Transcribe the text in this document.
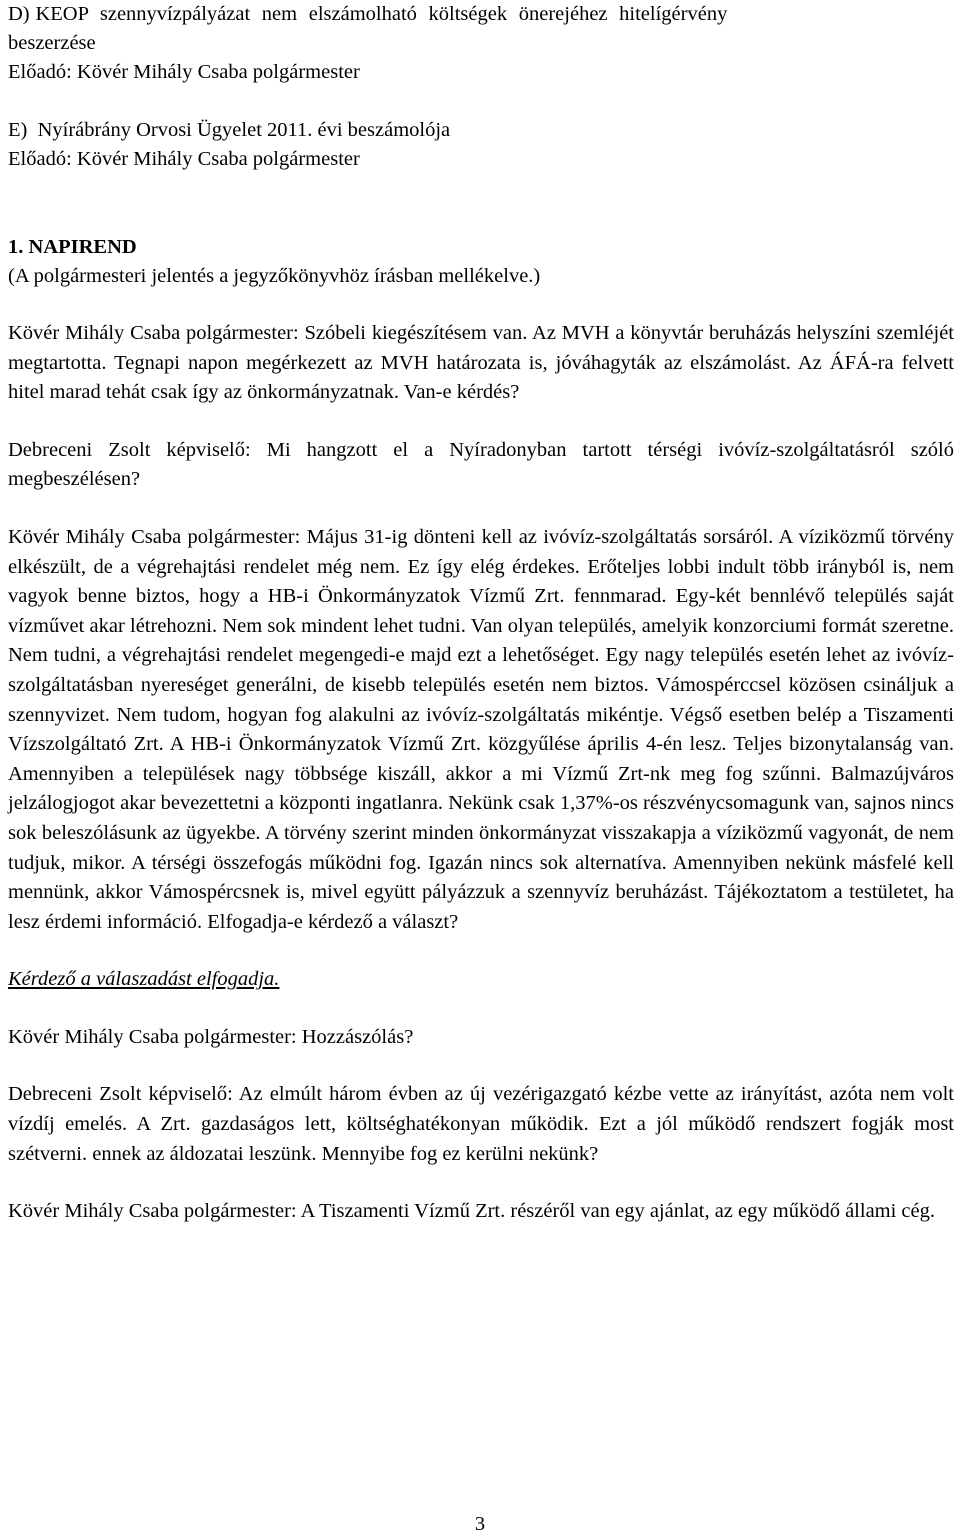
D) KEOP  szennyvízpályázat  nem  elszámolható  költségek  önerejéhez  hitelígérvény
beszerzése
Előadó: Kövér Mihály Csaba polgármester
E)  Nyírábrány Orvosi Ügyelet 2011. évi beszámolója
Előadó: Kövér Mihály Csaba polgármester

1. NAPIREND

(A polgármesteri jelentés a jegyzőkönyvhöz írásban mellékelve.)

Kövér Mihály Csaba polgármester: Szóbeli kiegészítésem van. Az MVH a könyvtár beruházás helyszíni szemléjét megtartotta. Tegnapi napon megérkezett az MVH határozata is, jóváhagyták az elszámolást. Az ÁFÁ-ra felvett hitel marad tehát csak így az önkormányzatnak. Van-e kérdés?

Debreceni Zsolt képviselő: Mi hangzott el a Nyíradonyban tartott térségi ivóvíz-szolgáltatásról szóló megbeszélésen?

Kövér Mihály Csaba polgármester: Május 31-ig dönteni kell az ivóvíz-szolgáltatás sorsáról. A víziközmű törvény elkészült, de a végrehajtási rendelet még nem. Ez így elég érdekes. Erőteljes lobbi indult több irányból is, nem vagyok benne biztos, hogy a HB-i Önkormányzatok Vízmű Zrt. fennmarad. Egy-két bennlévő település saját vízművet akar létrehozni. Nem sok mindent lehet tudni. Van olyan település, amelyik konzorciumi formát szeretne. Nem tudni, a végrehajtási rendelet megengedi-e majd ezt a lehetőséget. Egy nagy település esetén lehet az ivóvíz-szolgáltatásban nyereséget generálni, de kisebb település esetén nem biztos. Vámospérccsel közösen csináljuk a szennyvizet. Nem tudom, hogyan fog alakulni az ivóvíz-szolgáltatás mikéntje. Végső esetben belép a Tiszamenti Vízszolgáltató Zrt. A HB-i Önkormányzatok Vízmű Zrt. közgyűlése április 4-én lesz. Teljes bizonytalanság van. Amennyiben a települések nagy többsége kiszáll, akkor a mi Vízmű Zrt-nk meg fog szűnni. Balmazújváros jelzálogjogot akar bevezettetni a központi ingatlanra. Nekünk csak 1,37%-os részvénycsomagunk van, sajnos nincs sok beleszólásunk az ügyekbe. A törvény szerint minden önkormányzat visszakapja a víziközmű vagyonát, de nem tudjuk, mikor. A térségi összefogás működni fog. Igazán nincs sok alternatíva. Amennyiben nekünk másfelé kell mennünk, akkor Vámospércsnek is, mivel együtt pályázzuk a szennyvíz beruházást. Tájékoztatom a testületet, ha lesz érdemi információ. Elfogadja-e kérdező a választ?

Kérdező a válaszadást elfogadja.

Kövér Mihály Csaba polgármester: Hozzászólás?

Debreceni Zsolt képviselő: Az elmúlt három évben az új vezérigazgató kézbe vette az irányítást, azóta nem volt vízdíj emelés. A Zrt. gazdaságos lett, költséghatékonyan működik. Ezt a jól működő rendszert fogják most szétverni. ennek az áldozatai leszünk. Mennyibe fog ez kerülni nekünk?

Kövér Mihály Csaba polgármester: A Tiszamenti Vízmű Zrt. részéről van egy ajánlat, az egy működő állami cég.

3
